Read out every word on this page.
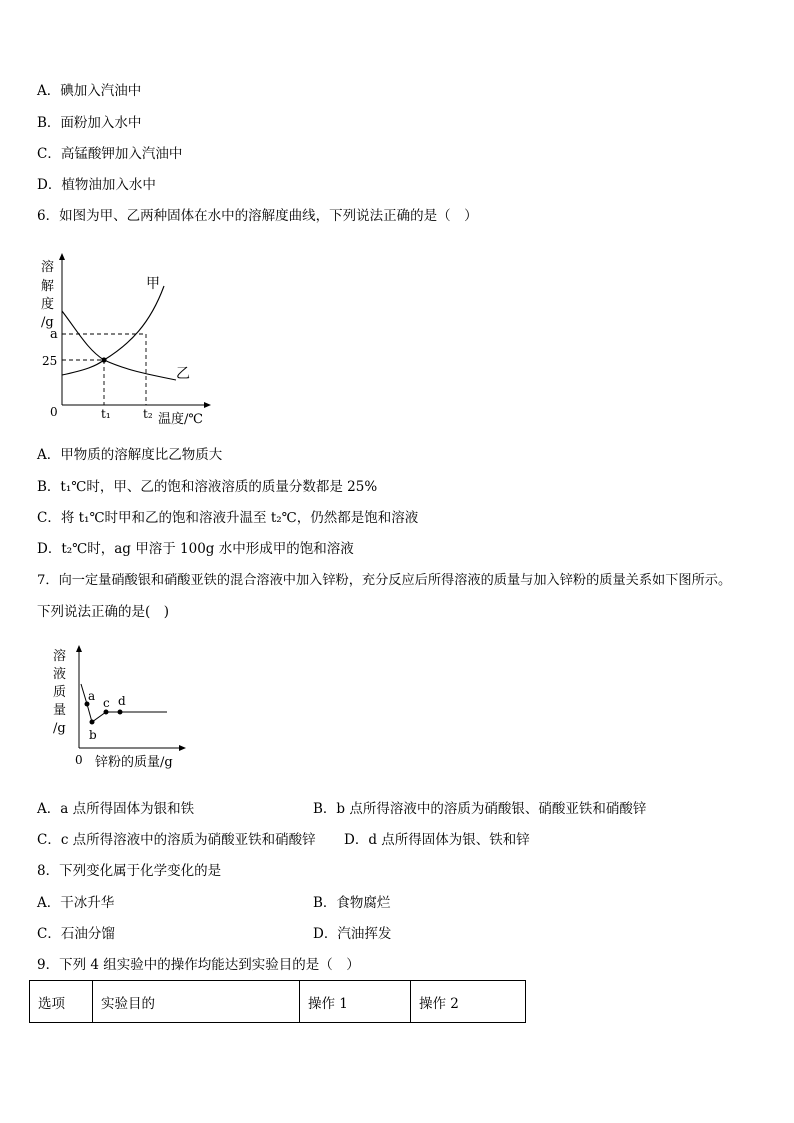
A．碘加入汽油中
B．面粉加入水中
C．高锰酸钾加入汽油中
D．植物油加入水中
6．如图为甲、乙两种固体在水中的溶解度曲线，下列说法正确的是（　）
溶
解
度
/g
a
25
0	t₁	t₂ 温度/℃
甲
乙
A．甲物质的溶解度比乙物质大
B．t₁℃时，甲、乙的饱和溶液溶质的质量分数都是 25%
C．将 t₁℃时甲和乙的饱和溶液升温至 t₂℃，仍然都是饱和溶液
D．t₂℃时，ag 甲溶于 100g 水中形成甲的饱和溶液
7．向一定量硝酸银和硝酸亚铁的混合溶液中加入锌粉，充分反应后所得溶液的质量与加入锌粉的质量关系如下图所示。
下列说法正确的是(　)
溶
液
质
量
/g
0 锌粉的质量/g
a
b
c d
A．a 点所得固体为银和铁	B．b 点所得溶液中的溶质为硝酸银、硝酸亚铁和硝酸锌
C．c 点所得溶液中的溶质为硝酸亚铁和硝酸锌 D．d 点所得固体为银、铁和锌
8．下列变化属于化学变化的是
A．干冰升华	B．食物腐烂
C．石油分馏	D．汽油挥发
9．下列 4 组实验中的操作均能达到实验目的是（　）
选项	实验目的	操作 1	操作 2
